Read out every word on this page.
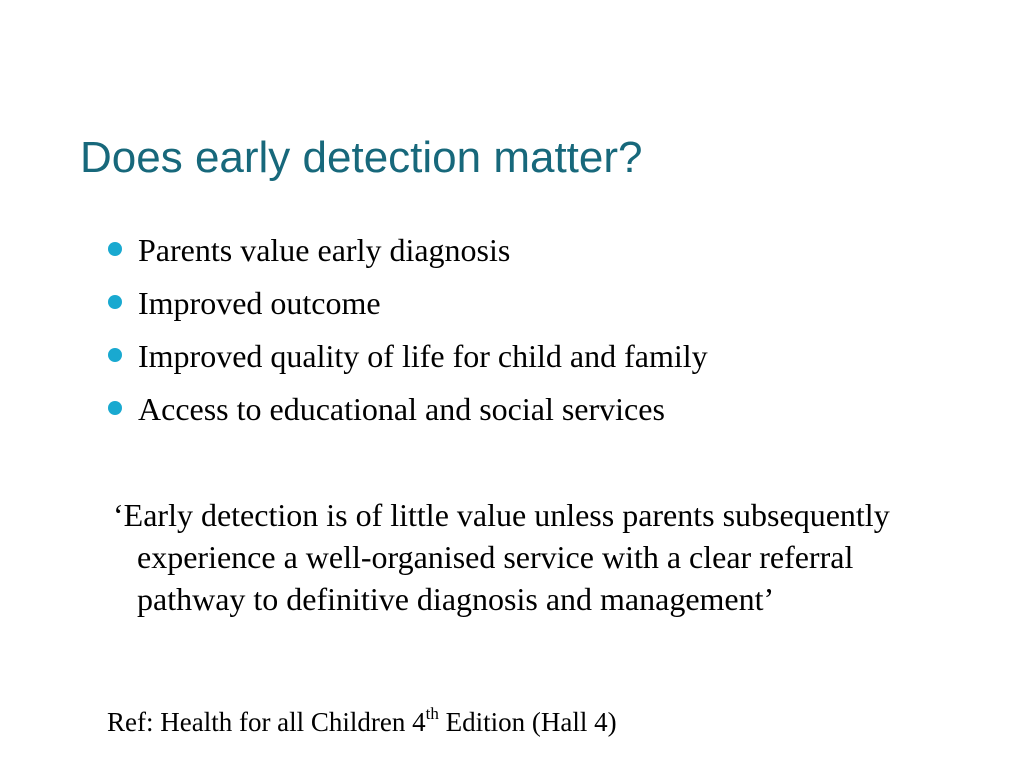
Does early detection matter?
Parents value early diagnosis
Improved outcome
Improved quality of life for child and family
Access to educational and social services

‘Early detection is of little value unless parents subsequently
experience a well-organised service with a clear referral
pathway to definitive diagnosis and management’

Ref: Health for all Children 4th Edition (Hall 4)
